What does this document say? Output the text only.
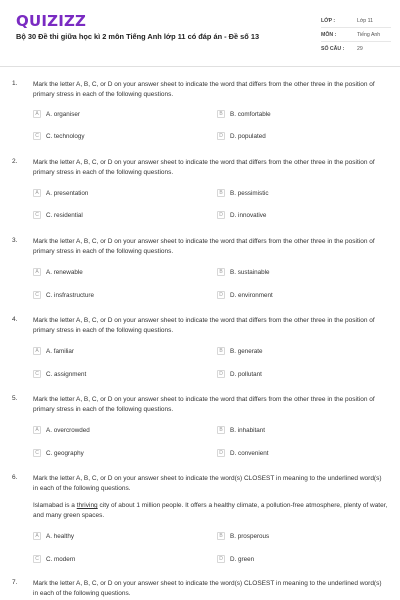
QUIZIZZ
Bộ 30 Đề thi giữa học kì 2 môn Tiếng Anh lớp 11 có đáp án - Đề số 13
LỚP :	Lớp 11
MÔN :	Tiếng Anh
SỐ CÂU :	29
1.	Mark the letter A, B, C, or D on your answer sheet to indicate the word that differs from the other three in the position of primary stress in each of the following questions.
A	A. organiser	B	B. comfortable
C	C. technology	D	D. populated
2.	Mark the letter A, B, C, or D on your answer sheet to indicate the word that differs from the other three in the position of primary stress in each of the following questions.
A	A. presentation	B	B. pessimistic
C	C. residential	D	D. innovative
3.	Mark the letter A, B, C, or D on your answer sheet to indicate the word that differs from the other three in the position of primary stress in each of the following questions.
A	A. renewable	B	B. sustainable
C	C. insfrastructure	D	D. environment
4.	Mark the letter A, B, C, or D on your answer sheet to indicate the word that differs from the other three in the position of primary stress in each of the following questions.
A	A. familiar	B	B. generate
C	C. assignment	D	D. pollutant
5.	Mark the letter A, B, C, or D on your answer sheet to indicate the word that differs from the other three in the position of primary stress in each of the following questions.
A	A. overcrowded	B	B. inhabitant
C	C. geography	D	D. convenient
6.	Mark the letter A, B, C, or D on your answer sheet to indicate the word(s) CLOSEST in meaning to the underlined word(s) in each of the following questions.
Islamabad is a thriving city of about 1 million people. It offers a healthy climate, a pollution-free atmosphere, plenty of water, and many green spaces.
A	A. healthy	B	B. prosperous
C	C. modern	D	D. green
7.	Mark the letter A, B, C, or D on your answer sheet to indicate the word(s) CLOSEST in meaning to the underlined word(s) in each of the following questions.
